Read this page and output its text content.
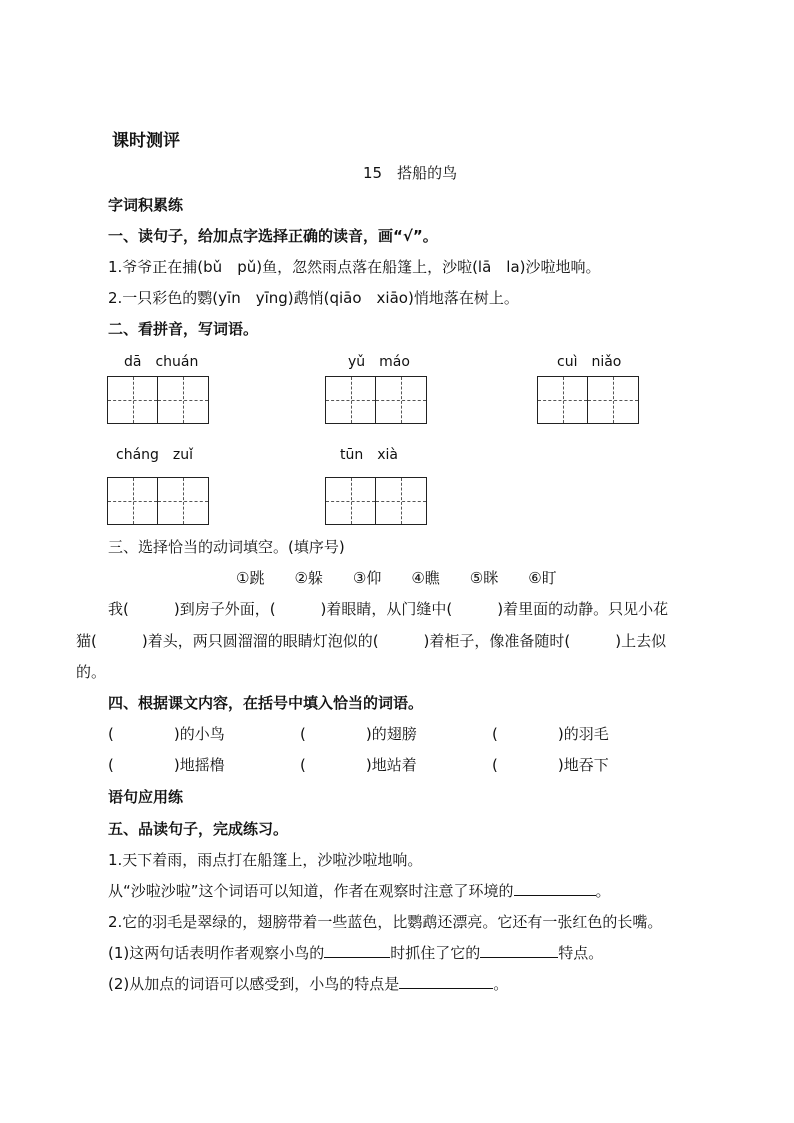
课时测评
15　搭船的鸟
字词积累练
一、读句子，给加点字选择正确的读音，画“√”。
1.爷爷正在捕(bǔ　pǔ)鱼，忽然雨点落在船篷上，沙啦(lā　la)沙啦地响。
2.一只彩色的鹦(yīn　yīng)鹉悄(qiāo　xiāo)悄地落在树上。
二、看拼音，写词语。
dā　chuán	yǔ　máo	cuì　niǎo
cháng　zuǐ	tūn　xià
三、选择恰当的动词填空。(填序号)
①跳　　②躲　　③仰　　④瞧　　⑤眯　　⑥盯
我(　　　)到房子外面，(　　　)着眼睛，从门缝中(　　　)着里面的动静。只见小花
猫(　　　)着头，两只圆溜溜的眼睛灯泡似的(　　　)着柜子，像准备随时(　　　)上去似
的。
四、根据课文内容，在括号中填入恰当的词语。
(　　　　)的小鸟	(　　　　)的翅膀	(　　　　)的羽毛
(　　　　)地摇橹	(　　　　)地站着	(　　　　)地吞下
语句应用练
五、品读句子，完成练习。
1.天下着雨，雨点打在船篷上，沙啦沙啦地响。
从“沙啦沙啦”这个词语可以知道，作者在观察时注意了环境的	。
2.它的羽毛是翠绿的，翅膀带着一些蓝色，比鹦鹉还漂亮。它还有一张红色的长嘴。
(1)这两句话表明作者观察小鸟的	时抓住了它的	特点。
(2)从加点的词语可以感受到，小鸟的特点是	。
